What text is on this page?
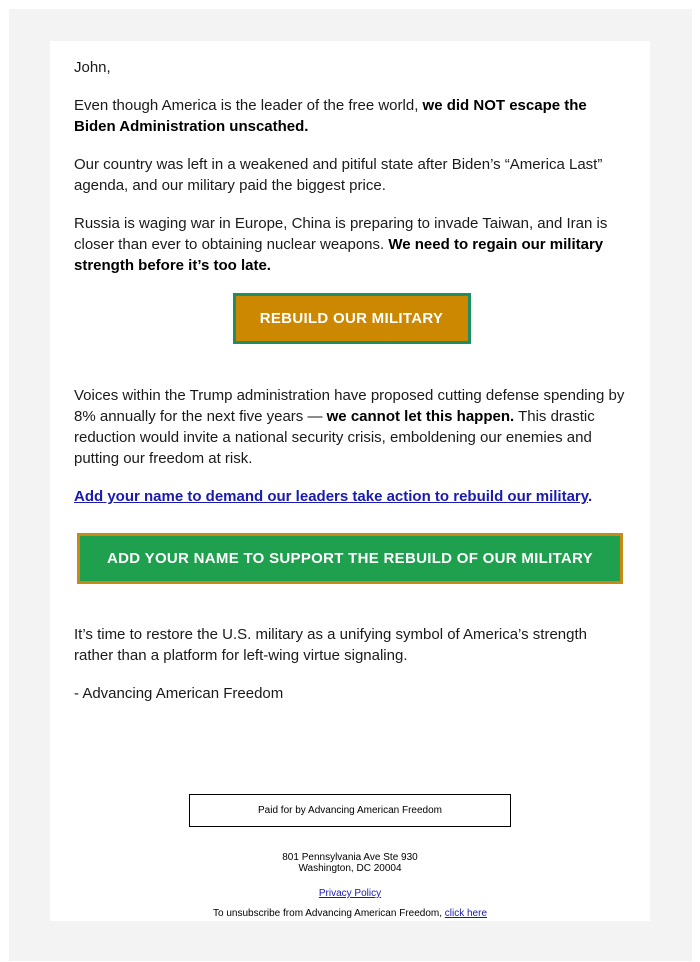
John,

Even though America is the leader of the free world, we did NOT escape the Biden Administration unscathed.

Our country was left in a weakened and pitiful state after Biden’s “America Last” agenda, and our military paid the biggest price.

Russia is waging war in Europe, China is preparing to invade Taiwan, and Iran is closer than ever to obtaining nuclear weapons. We need to regain our military strength before it’s too late.

REBUILD OUR MILITARY

Voices within the Trump administration have proposed cutting defense spending by 8% annually for the next five years — we cannot let this happen. This drastic reduction would invite a national security crisis, emboldening our enemies and putting our freedom at risk.

Add your name to demand our leaders take action to rebuild our military.

ADD YOUR NAME TO SUPPORT THE REBUILD OF OUR MILITARY

It’s time to restore the U.S. military as a unifying symbol of America’s strength rather than a platform for left-wing virtue signaling.

- Advancing American Freedom

Paid for by Advancing American Freedom
801 Pennsylvania Ave Ste 930
Washington, DC 20004
Privacy Policy
To unsubscribe from Advancing American Freedom, click here
